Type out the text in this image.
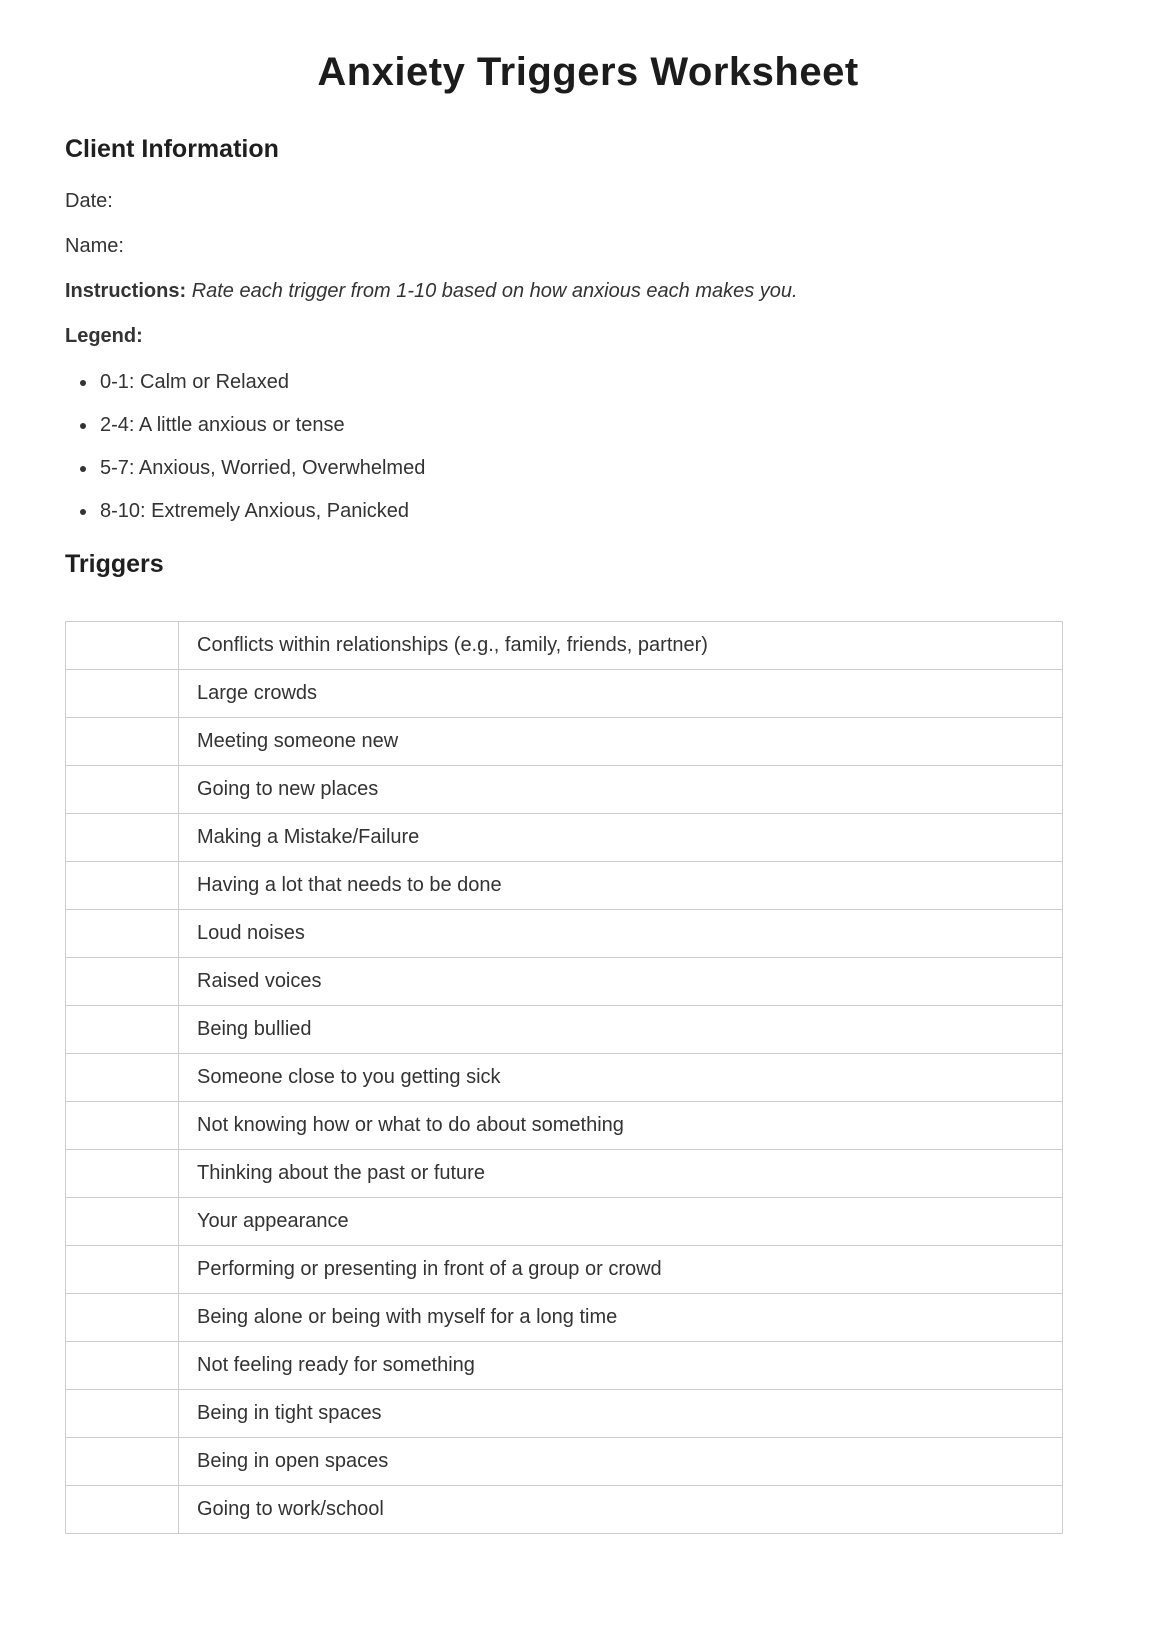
Anxiety Triggers Worksheet
Client Information

Date:

Name:

Instructions: Rate each trigger from 1-10 based on how anxious each makes you.

Legend:

• 0-1: Calm or Relaxed
• 2-4: A little anxious or tense
• 5-7: Anxious, Worried, Overwhelmed
• 8-10: Extremely Anxious, Panicked
Triggers
	Conflicts within relationships (e.g., family, friends, partner)
	Large crowds
	Meeting someone new
	Going to new places
	Making a Mistake/Failure
	Having a lot that needs to be done
	Loud noises
	Raised voices
	Being bullied
	Someone close to you getting sick
	Not knowing how or what to do about something
	Thinking about the past or future
	Your appearance
	Performing or presenting in front of a group or crowd
	Being alone or being with myself for a long time
	Not feeling ready for something
	Being in tight spaces
	Being in open spaces
	Going to work/school
